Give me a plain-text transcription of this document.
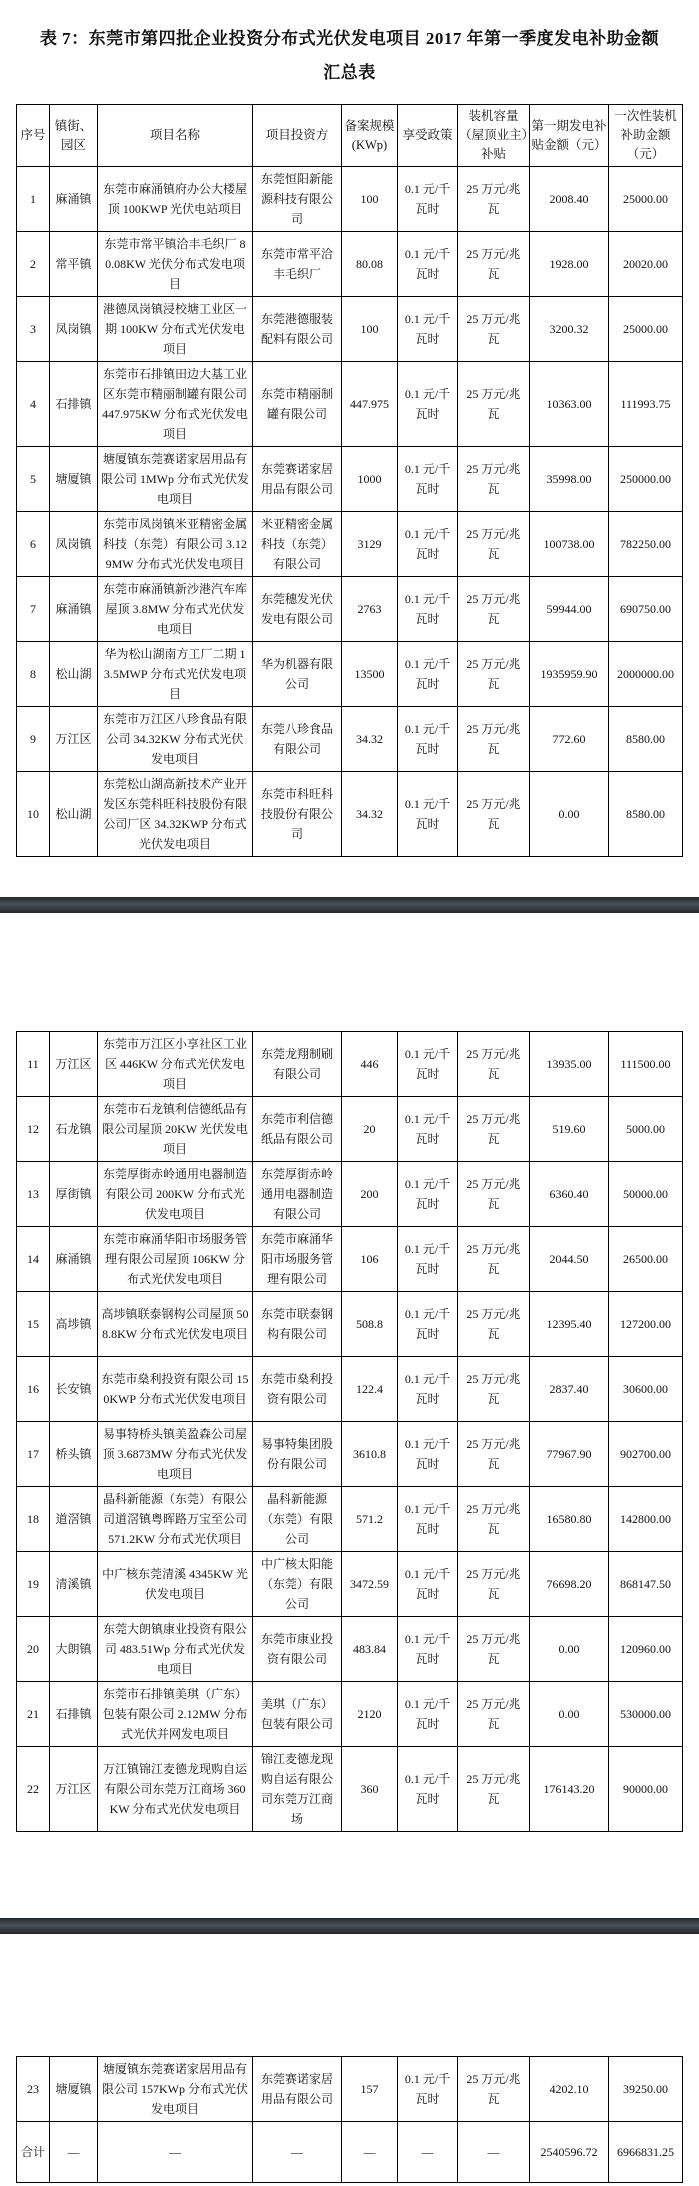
表 7：东莞市第四批企业投资分布式光伏发电项目 2017 年第一季度发电补助金额汇总表
序号	镇街、园区	项目名称	项目投资方	备案规模 (KWp)	享受政策	装机容量（屋顶业主）补贴	第一期发电补贴金额（元）	一次性装机补助金额（元）
1	麻涌镇	东莞市麻涌镇府办公大楼屋顶 100KWP 光伏电站项目	东莞恒阳新能源科技有限公司	100	0.1 元/千瓦时	25 万元/兆瓦	2008.40	25000.00
2	常平镇	东莞市常平镇洽丰毛织厂 80.08KW 光伏分布式发电项目	东莞市常平洽丰毛织厂	80.08	0.1 元/千瓦时	25 万元/兆瓦	1928.00	20020.00
3	凤岗镇	港德凤岗镇浸校塘工业区一期 100KW 分布式光伏发电项目	东莞港德服装配料有限公司	100	0.1 元/千瓦时	25 万元/兆瓦	3200.32	25000.00
4	石排镇	东莞市石排镇田边大基工业区东莞市精丽制罐有限公司 447.975KW 分布式光伏发电项目	东莞市精丽制罐有限公司	447.975	0.1 元/千瓦时	25 万元/兆瓦	10363.00	111993.75
5	塘厦镇	塘厦镇东莞赛诺家居用品有限公司 1MWp 分布式光伏发电项目	东莞赛诺家居用品有限公司	1000	0.1 元/千瓦时	25 万元/兆瓦	35998.00	250000.00
6	凤岗镇	东莞市凤岗镇米亚精密金属科技（东莞）有限公司 3.129MW 分布式光伏发电项目	米亚精密金属科技（东莞）有限公司	3129	0.1 元/千瓦时	25 万元/兆瓦	100738.00	782250.00
7	麻涌镇	东莞市麻涌镇新沙港汽车库屋顶 3.8MW 分布式光伏发电项目	东莞穗发光伏发电有限公司	2763	0.1 元/千瓦时	25 万元/兆瓦	59944.00	690750.00
8	松山湖	华为松山湖南方工厂二期 13.5MWP 分布式光伏发电项目	华为机器有限公司	13500	0.1 元/千瓦时	25 万元/兆瓦	1935959.90	2000000.00
9	万江区	东莞市万江区八珍食品有限公司 34.32KW 分布式光伏发电项目	东莞八珍食品有限公司	34.32	0.1 元/千瓦时	25 万元/兆瓦	772.60	8580.00
10	松山湖	东莞松山湖高新技术产业开发区东莞科旺科技股份有限公司厂区 34.32KWP 分布式光伏发电项目	东莞市科旺科技股份有限公司	34.32	0.1 元/千瓦时	25 万元/兆瓦	0.00	8580.00
11	万江区	东莞市万江区小享社区工业区 446KW 分布式光伏发电项目	东莞龙翔制刷有限公司	446	0.1 元/千瓦时	25 万元/兆瓦	13935.00	111500.00
12	石龙镇	东莞市石龙镇利信德纸品有限公司屋顶 20KW 光伏发电项目	东莞市利信德纸品有限公司	20	0.1 元/千瓦时	25 万元/兆瓦	519.60	5000.00
13	厚街镇	东莞厚街赤岭通用电器制造有限公司 200KW 分布式光伏发电项目	东莞厚街赤岭通用电器制造有限公司	200	0.1 元/千瓦时	25 万元/兆瓦	6360.40	50000.00
14	麻涌镇	东莞市麻涌华阳市场服务管理有限公司屋顶 106KW 分布式光伏发电项目	东莞市麻涌华阳市场服务管理有限公司	106	0.1 元/千瓦时	25 万元/兆瓦	2044.50	26500.00
15	高埗镇	高埗镇联泰钢构公司屋顶 508.8KW 分布式光伏发电项目	东莞市联泰钢构有限公司	508.8	0.1 元/千瓦时	25 万元/兆瓦	12395.40	127200.00
16	长安镇	东莞市燊利投资有限公司 150KWP 分布式光伏发电项目	东莞市燊利投资有限公司	122.4	0.1 元/千瓦时	25 万元/兆瓦	2837.40	30600.00
17	桥头镇	易事特桥头镇美盈森公司屋顶 3.6873MW 分布式光伏发电项目	易事特集团股份有限公司	3610.8	0.1 元/千瓦时	25 万元/兆瓦	77967.90	902700.00
18	道滘镇	晶科新能源（东莞）有限公司道滘镇粤晖路万宝至公司 571.2KW 分布式光伏项目	晶科新能源（东莞）有限公司	571.2	0.1 元/千瓦时	25 万元/兆瓦	16580.80	142800.00
19	清溪镇	中广核东莞清溪 4345KW 光伏发电项目	中广核太阳能（东莞）有限公司	3472.59	0.1 元/千瓦时	25 万元/兆瓦	76698.20	868147.50
20	大朗镇	东莞大朗镇康业投资有限公司 483.51Wp 分布式光伏发电项目	东莞市康业投资有限公司	483.84	0.1 元/千瓦时	25 万元/兆瓦	0.00	120960.00
21	石排镇	东莞市石排镇美琪（广东）包装有限公司 2.12MW 分布式光伏并网发电项目	美琪（广东）包装有限公司	2120	0.1 元/千瓦时	25 万元/兆瓦	0.00	530000.00
22	万江区	万江镇锦江麦德龙现购自运有限公司东莞万江商场 360KW 分布式光伏发电项目	锦江麦德龙现购自运有限公司东莞万江商场	360	0.1 元/千瓦时	25 万元/兆瓦	176143.20	90000.00
23	塘厦镇	塘厦镇东莞赛诺家居用品有限公司 157KWp 分布式光伏发电项目	东莞赛诺家居用品有限公司	157	0.1 元/千瓦时	25 万元/兆瓦	4202.10	39250.00
合计	—	—	—	—	—	—	2540596.72	6966831.25
